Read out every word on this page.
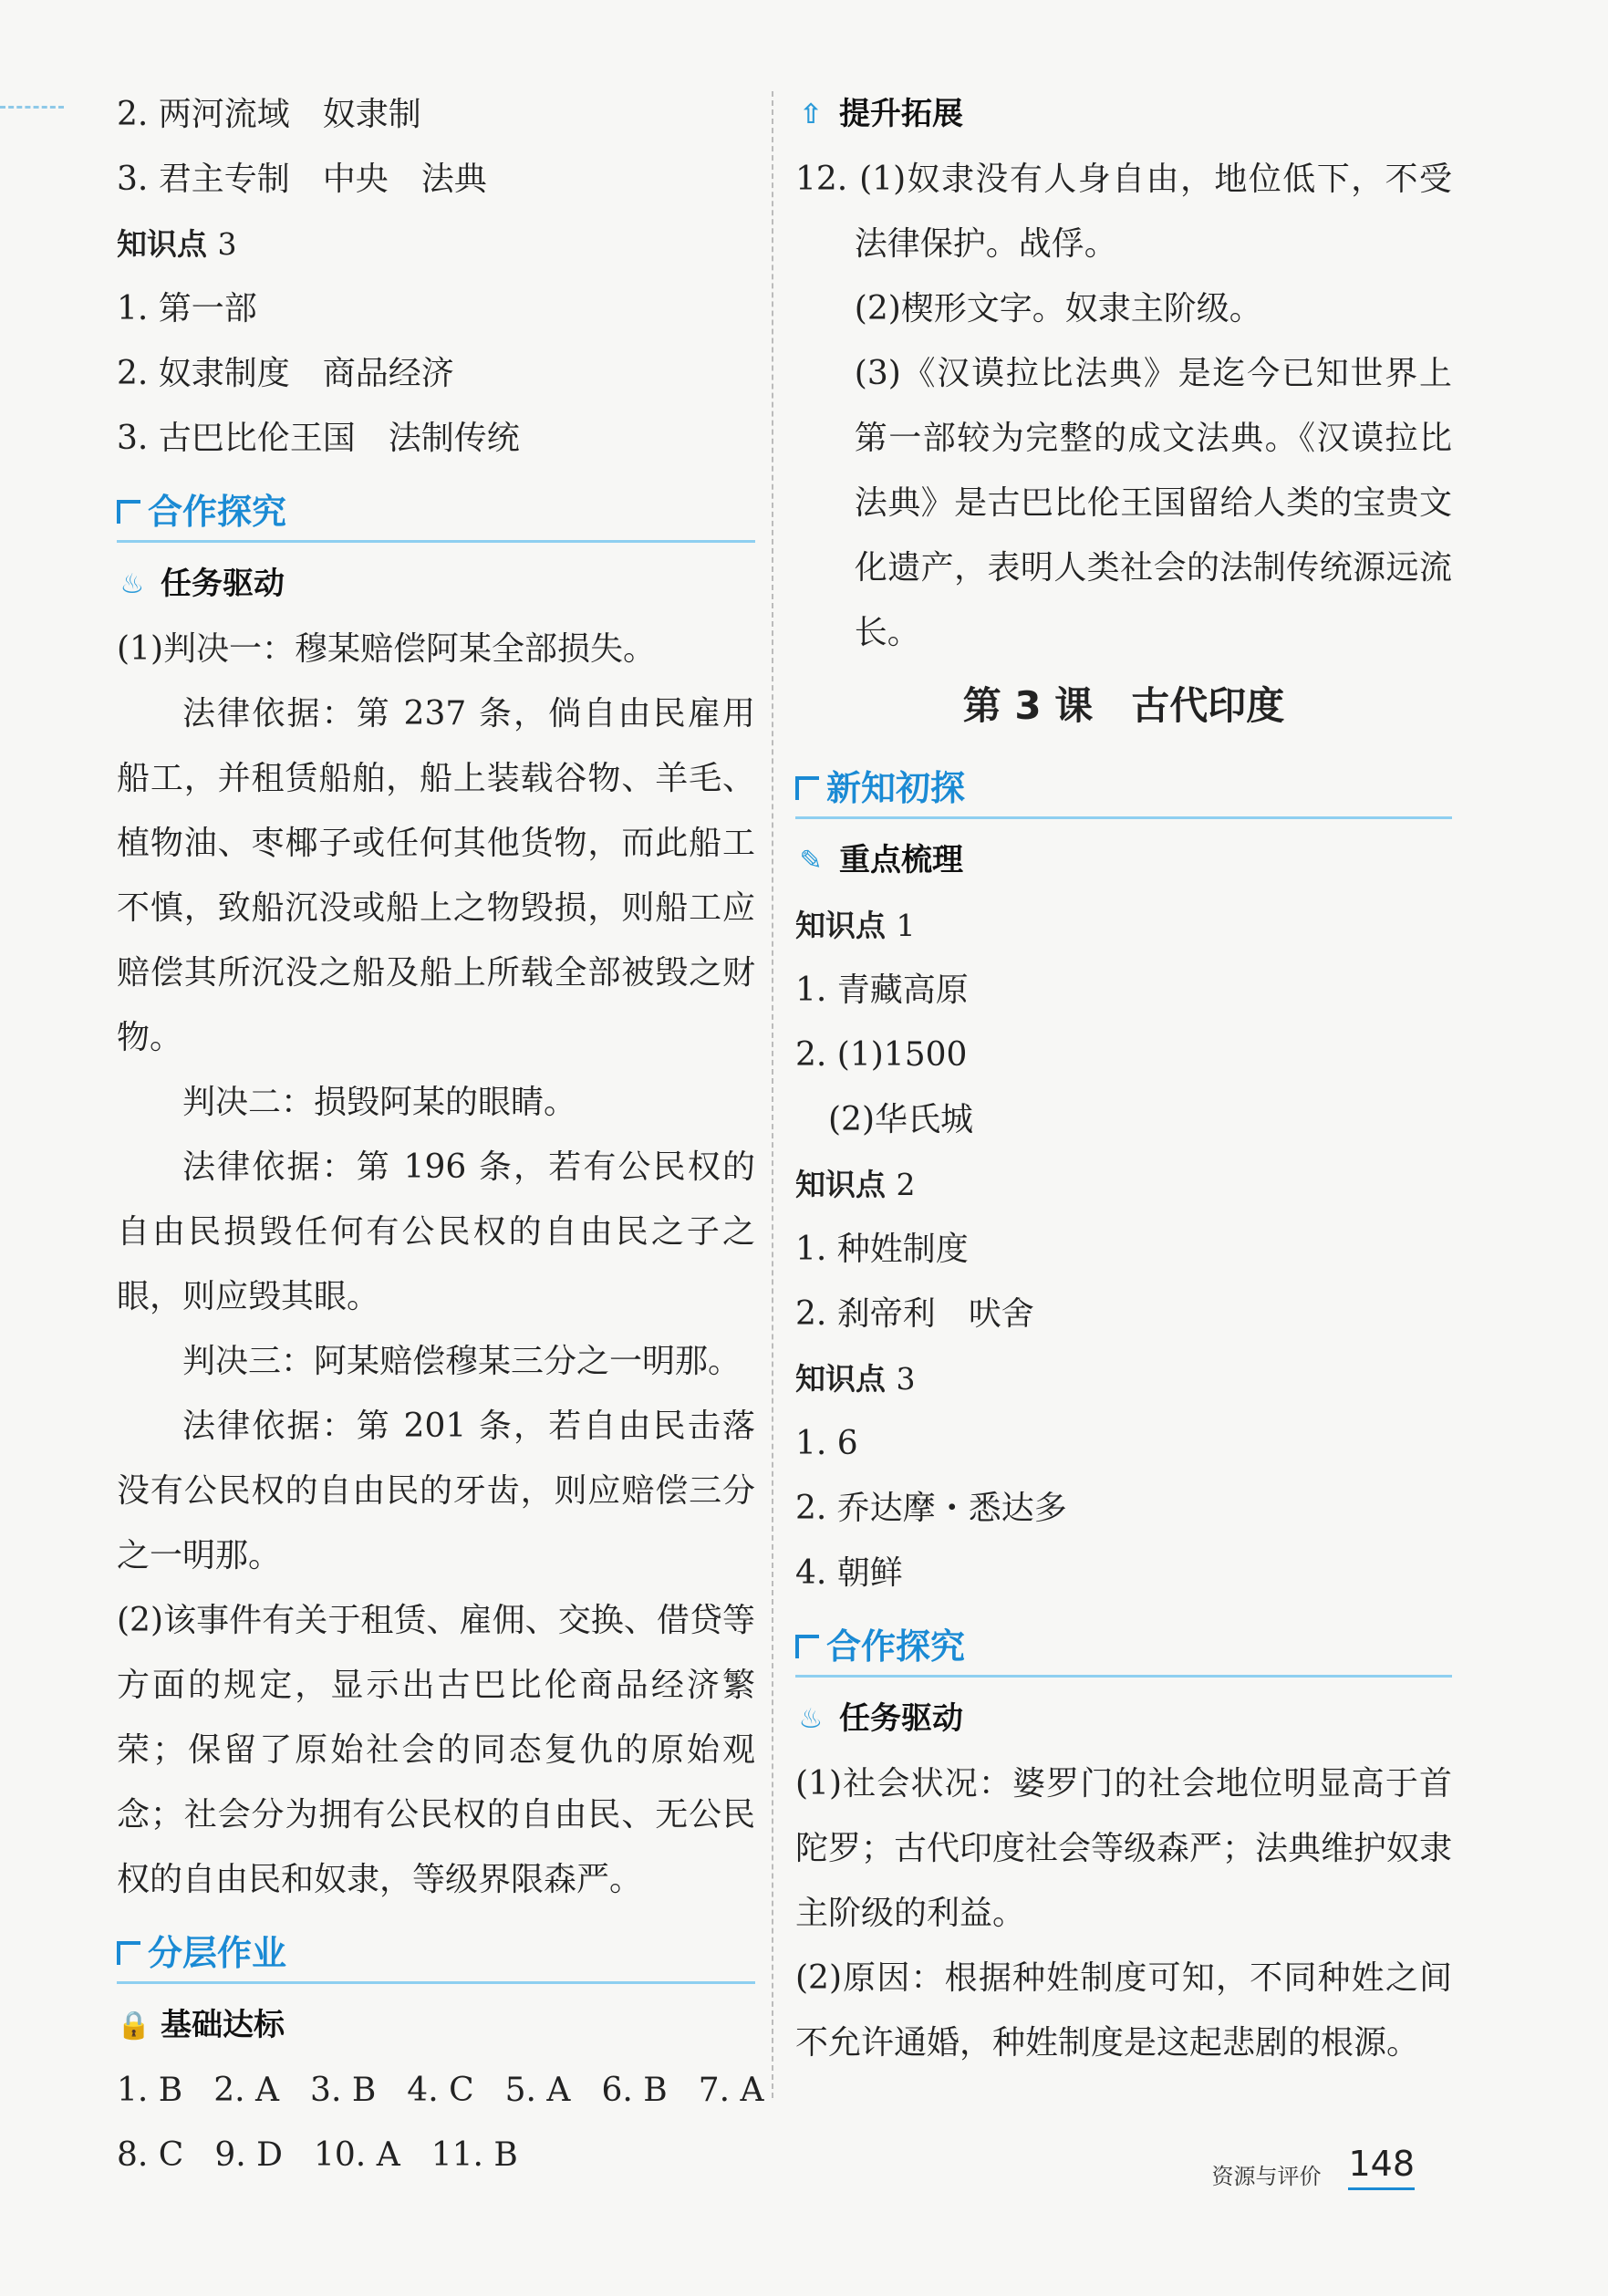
2. 两河流域　奴隶制
3. 君主专制　中央　法典
知识点 3
1. 第一部
2. 奴隶制度　商品经济
3. 古巴比伦王国　法制传统
合作探究
♨ 任务驱动
(1)判决一：穆某赔偿阿某全部损失。
法律依据：第 237 条，倘自由民雇用船工，并租赁船舶，船上装载谷物、羊毛、植物油、枣椰子或任何其他货物，而此船工不慎，致船沉没或船上之物毁损，则船工应赔偿其所沉没之船及船上所载全部被毁之财物。
判决二：损毁阿某的眼睛。
法律依据：第 196 条，若有公民权的自由民损毁任何有公民权的自由民之子之眼，则应毁其眼。
判决三：阿某赔偿穆某三分之一明那。
法律依据：第 201 条，若自由民击落没有公民权的自由民的牙齿，则应赔偿三分之一明那。
(2)该事件有关于租赁、雇佣、交换、借贷等方面的规定，显示出古巴比伦商品经济繁荣；保留了原始社会的同态复仇的原始观念；社会分为拥有公民权的自由民、无公民权的自由民和奴隶，等级界限森严。
分层作业
🔒 基础达标
1. B 2. A 3. B 4. C 5. A 6. B 7. A
8. C 9. D 10. A 11. B
⇧ 提升拓展
12. (1)奴隶没有人身自由，地位低下，不受法律保护。战俘。
(2)楔形文字。奴隶主阶级。
(3)《汉谟拉比法典》是迄今已知世界上第一部较为完整的成文法典。《汉谟拉比法典》是古巴比伦王国留给人类的宝贵文化遗产，表明人类社会的法制传统源远流长。
第 3 课　古代印度
新知初探
✎ 重点梳理
知识点 1
1. 青藏高原
2. (1)1500
(2)华氏城
知识点 2
1. 种姓制度
2. 刹帝利　吠舍
知识点 3
1. 6
2. 乔达摩・悉达多
4. 朝鲜
合作探究
♨ 任务驱动
(1)社会状况：婆罗门的社会地位明显高于首陀罗；古代印度社会等级森严；法典维护奴隶主阶级的利益。
(2)原因：根据种姓制度可知，不同种姓之间不允许通婚，种姓制度是这起悲剧的根源。
资源与评价 148
